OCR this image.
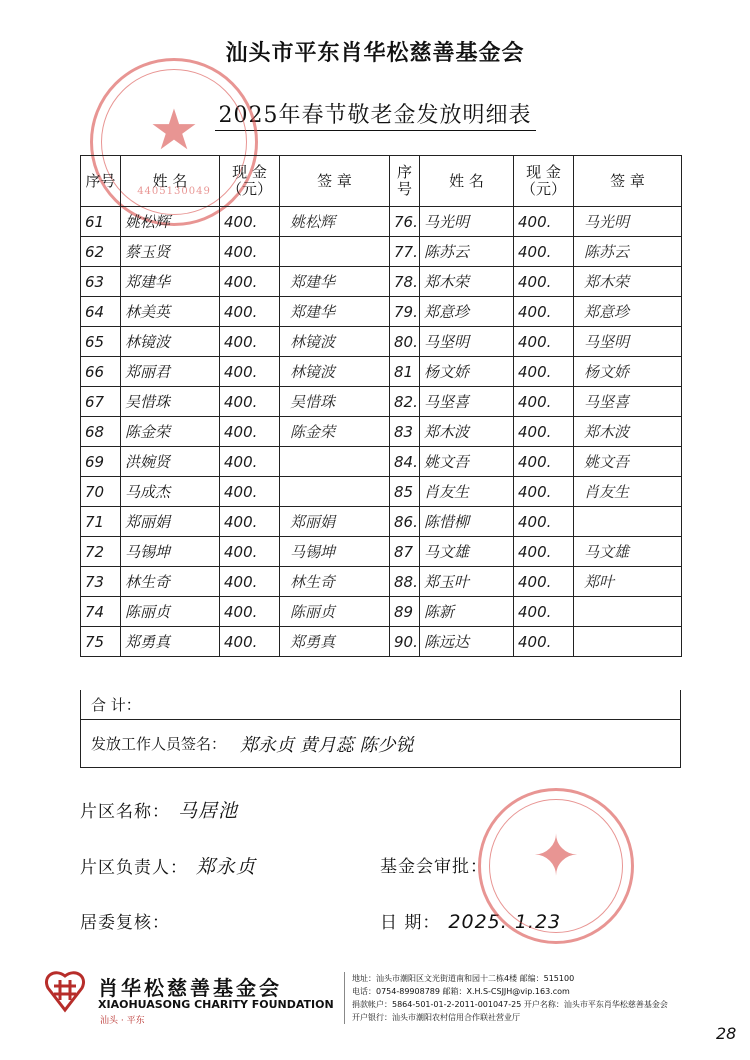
汕头市平东肖华松慈善基金会
2025年春节敬老金发放明细表
★
4405130049
序号	姓 名	现 金（元）	签 章	序号	姓 名	现 金（元）	签 章
61	姚松辉	400.	姚松辉	76.	马光明	400.	马光明
62	蔡玉贤	400.		77.	陈苏云	400.	陈苏云
63	郑建华	400.	郑建华	78.	郑木荣	400.	郑木荣
64	林美英	400.	郑建华	79.	郑意珍	400.	郑意珍
65	林镜波	400.	林镜波	80.	马坚明	400.	马坚明
66	郑丽君	400.	林镜波	81	杨文娇	400.	杨文娇
67	吴惜珠	400.	吴惜珠	82.	马坚喜	400.	马坚喜
68	陈金荣	400.	陈金荣	83	郑木波	400.	郑木波
69	洪婉贤	400.		84.	姚文吾	400.	姚文吾
70	马成杰	400.		85	肖友生	400.	肖友生
71	郑丽娟	400.	郑丽娟	86.	陈惜柳	400.	
72	马锡坤	400.	马锡坤	87	马文雄	400.	马文雄
73	林生奇	400.	林生奇	88.	郑玉叶	400.	郑叶
74	陈丽贞	400.	陈丽贞	89	陈新	400.	
75	郑勇真	400.	郑勇真	90.	陈远达	400.	
合 计：
发放工作人员签名： 郑永贞 黄月蕊 陈少锐
片区名称： 马居池
片区负责人： 郑永贞	基金会审批：
居委复核：	日 期： 2025. 1.23
✦
肖华松慈善基金会
XIAOHUASONG CHARITY FOUNDATION
汕头 · 平东
地址：汕头市潮阳区文光街道南和园十二栋4楼 邮编：515100
电话：0754-89908789 邮箱：X.H.S-CSJJH@vip.163.com
捐款帐户：5864-501-01-2-2011-001047-25 开户名称：汕头市平东肖华松慈善基金会
开户银行：汕头市潮阳农村信用合作联社营业厅
28
